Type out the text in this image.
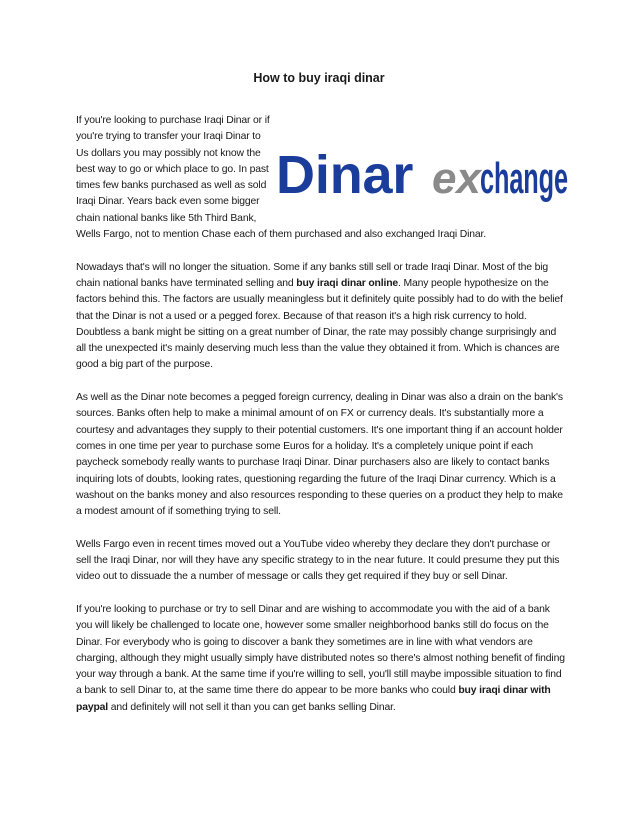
How to buy iraqi dinar

Dinar ex change
If you're looking to purchase Iraqi Dinar or if you're trying to transfer your Iraqi Dinar to Us dollars you may possibly not know the best way to go or which place to go. In past times few banks purchased as well as sold Iraqi Dinar. Years back even some bigger chain national banks like 5th Third Bank, Wells Fargo, not to mention Chase each of them purchased and also exchanged Iraqi Dinar.

Nowadays that's will no longer the situation. Some if any banks still sell or trade Iraqi Dinar. Most of the big chain national banks have terminated selling and buy iraqi dinar online. Many people hypothesize on the factors behind this. The factors are usually meaningless but it definitely quite possibly had to do with the belief that the Dinar is not a used or a pegged forex. Because of that reason it's a high risk currency to hold. Doubtless a bank might be sitting on a great number of Dinar, the rate may possibly change surprisingly and all the unexpected it's mainly deserving much less than the value they obtained it from. Which is chances are good a big part of the purpose.

As well as the Dinar note becomes a pegged foreign currency, dealing in Dinar was also a drain on the bank's sources. Banks often help to make a minimal amount of on FX or currency deals. It's substantially more a courtesy and advantages they supply to their potential customers. It's one important thing if an account holder comes in one time per year to purchase some Euros for a holiday. It's a completely unique point if each paycheck somebody really wants to purchase Iraqi Dinar. Dinar purchasers also are likely to contact banks inquiring lots of doubts, looking rates, questioning regarding the future of the Iraqi Dinar currency. Which is a washout on the banks money and also resources responding to these queries on a product they help to make a modest amount of if something trying to sell.

Wells Fargo even in recent times moved out a YouTube video whereby they declare they don't purchase or sell the Iraqi Dinar, nor will they have any specific strategy to in the near future. It could presume they put this video out to dissuade the a number of message or calls they get required if they buy or sell Dinar.

If you're looking to purchase or try to sell Dinar and are wishing to accommodate you with the aid of a bank you will likely be challenged to locate one, however some smaller neighborhood banks still do focus on the Dinar. For everybody who is going to discover a bank they sometimes are in line with what vendors are charging, although they might usually simply have distributed notes so there's almost nothing benefit of finding your way through a bank. At the same time if you're willing to sell, you'll still maybe impossible situation to find a bank to sell Dinar to, at the same time there do appear to be more banks who could buy iraqi dinar with paypal and definitely will not sell it than you can get banks selling Dinar.
